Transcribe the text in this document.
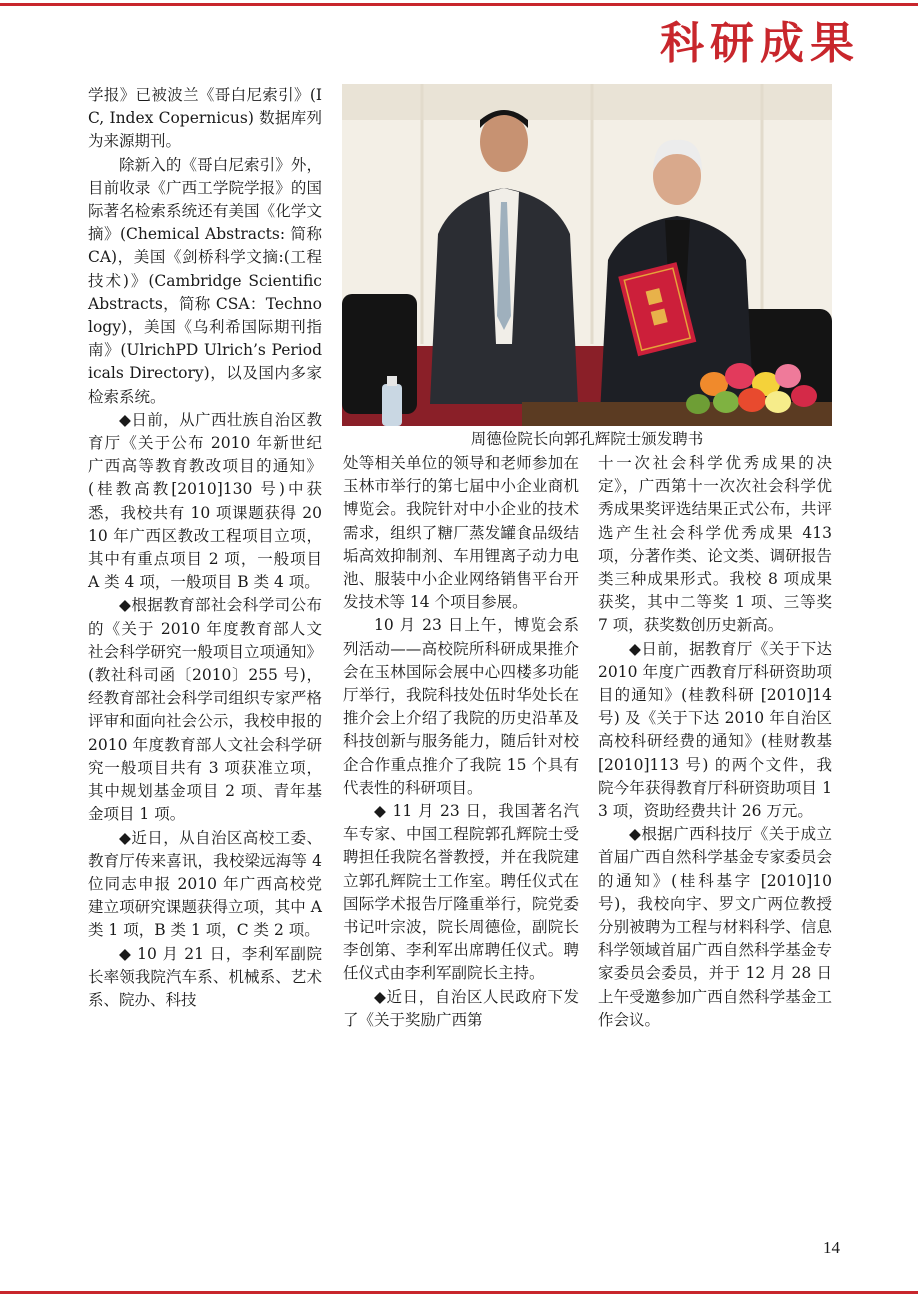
科研成果

学报》已被波兰《哥白尼索引》(IC, Index Copernicus) 数据库列为来源期刊。

除新入的《哥白尼索引》外，目前收录《广西工学院学报》的国际著名检索系统还有美国《化学文摘》(Chemical Abstracts: 简称CA)，美国《剑桥科学文摘:(工程技术)》(Cambridge Scientific Abstracts，简称 CSA：Technology)，美国《乌利希国际期刊指南》(UlrichPD Ulrich’s Periodicals Directory)，以及国内多家检索系统。

◆日前，从广西壮族自治区教育厅《关于公布 2010 年新世纪广西高等教育教改项目的通知》(桂教高教[2010]130 号)中获悉，我校共有 10 项课题获得 2010 年广西区教改工程项目立项，其中有重点项目 2 项，一般项目 A 类 4 项，一般项目 B 类 4 项。

◆根据教育部社会科学司公布的《关于 2010 年度教育部人文社会科学研究一般项目立项通知》(教社科司函〔2010〕255 号)，经教育部社会科学司组织专家严格评审和面向社会公示，我校申报的 2010 年度教育部人文社会科学研究一般项目共有 3 项获准立项，其中规划基金项目 2 项、青年基金项目 1 项。

◆近日，从自治区高校工委、教育厅传来喜讯，我校梁远海等 4 位同志申报 2010 年广西高校党建立项研究课题获得立项，其中 A 类 1 项，B 类 1 项，C 类 2 项。

◆ 10 月 21 日，李利军副院长率领我院汽车系、机械系、艺术系、院办、科技

周德俭院长向郭孔辉院士颁发聘书

处等相关单位的领导和老师参加在玉林市举行的第七届中小企业商机博览会。我院针对中小企业的技术需求，组织了糖厂蒸发罐食品级结垢高效抑制剂、车用锂离子动力电池、服装中小企业网络销售平台开发技术等 14 个项目参展。

10 月 23 日上午，博览会系列活动——高校院所科研成果推介会在玉林国际会展中心四楼多功能厅举行，我院科技处伍时华处长在推介会上介绍了我院的历史沿革及科技创新与服务能力，随后针对校企合作重点推介了我院 15 个具有代表性的科研项目。

◆ 11 月 23 日，我国著名汽车专家、中国工程院郭孔辉院士受聘担任我院名誉教授，并在我院建立郭孔辉院士工作室。聘任仪式在国际学术报告厅隆重举行，院党委书记叶宗波，院长周德俭，副院长李创第、李利军出席聘任仪式。聘任仪式由李利军副院长主持。

◆近日，自治区人民政府下发了《关于奖励广西第

十一次社会科学优秀成果的决定》，广西第十一次次社会科学优秀成果奖评选结果正式公布，共评选产生社会科学优秀成果 413 项，分著作类、论文类、调研报告类三种成果形式。我校 8 项成果获奖，其中二等奖 1 项、三等奖 7 项，获奖数创历史新高。

◆日前，据教育厅《关于下达 2010 年度广西教育厅科研资助项目的通知》(桂教科研 [2010]14 号) 及《关于下达 2010 年自治区高校科研经费的通知》(桂财教基[2010]113 号) 的两个文件，我院今年获得教育厅科研资助项目 13 项，资助经费共计 26 万元。

◆根据广西科技厅《关于成立首届广西自然科学基金专家委员会的通知》(桂科基字 [2010]10 号)，我校向宇、罗文广两位教授分别被聘为工程与材料科学、信息科学领域首届广西自然科学基金专家委员会委员，并于 12 月 28 日上午受邀参加广西自然科学基金工作会议。

14
